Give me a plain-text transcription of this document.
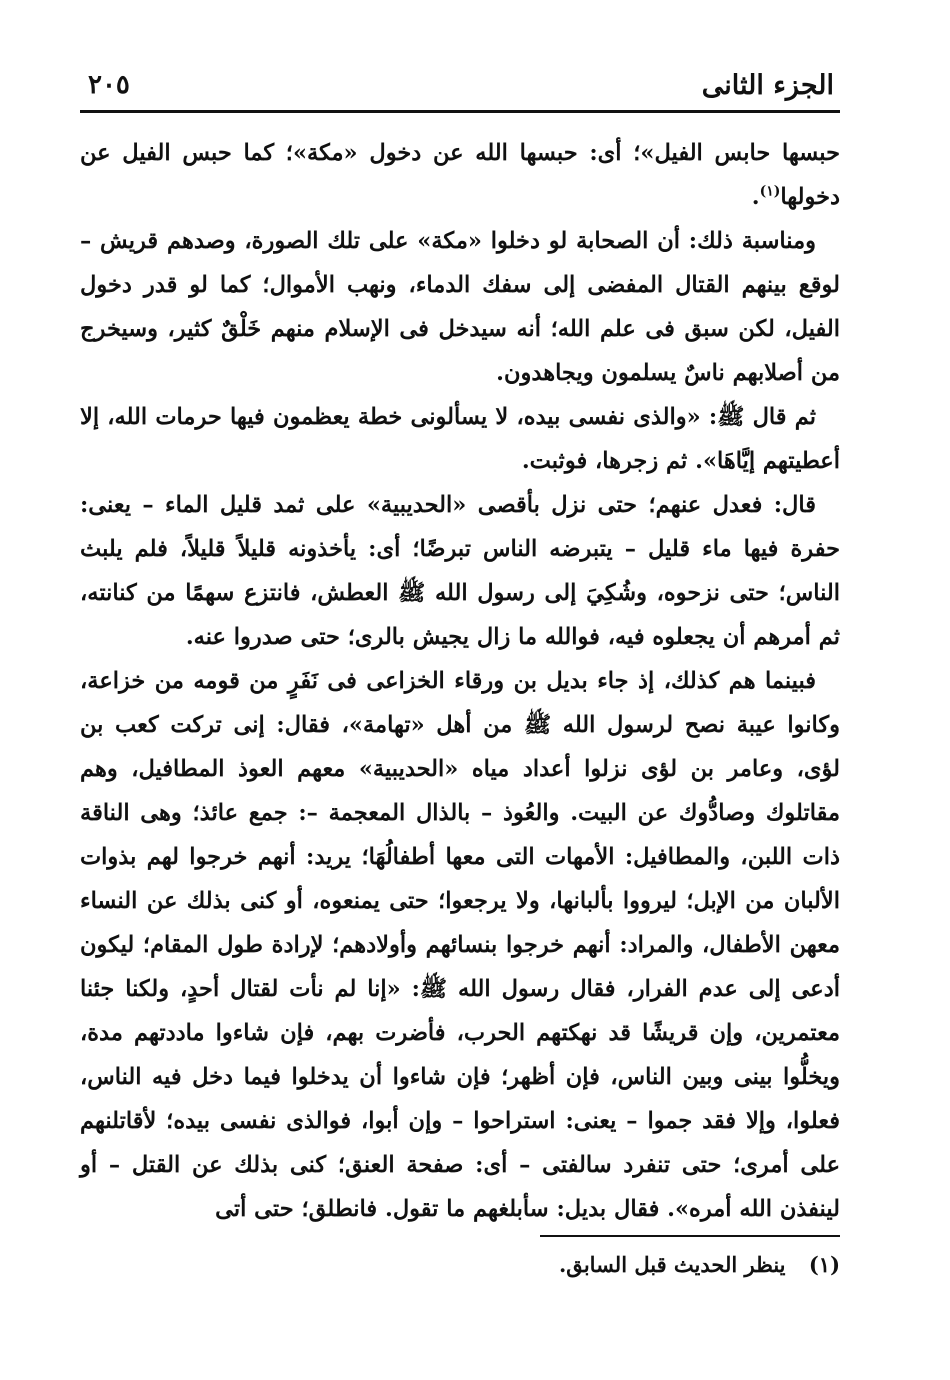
الجزء الثانى
٢٠٥

حبسها حابس الفيل»؛ أى: حبسها الله عن دخول «مكة»؛ كما حبس الفيل عن دخولها$^{(١)}$.

ومناسبة ذلك: أن الصحابة لو دخلوا «مكة» على تلك الصورة، وصدهم قريش – لوقع بينهم القتال المفضى إلى سفك الدماء، ونهب الأموال؛ كما لو قدر دخول الفيل، لكن سبق فى علم الله؛ أنه سيدخل فى الإسلام منهم خَلْقٌ كثير، وسيخرج من أصلابهم ناسٌ يسلمون ويجاهدون.

ثم قال ﷺ: «والذى نفسى بيده، لا يسألونى خطة يعظمون فيها حرمات الله، إلا أعطيتهم إيَّاهَا». ثم زجرها، فوثبت.

قال: فعدل عنهم؛ حتى نزل بأقصى «الحديبية» على ثمد قليل الماء – يعنى: حفرة فيها ماء قليل – يتبرضه الناس تبرضًا؛ أى: يأخذونه قليلاً قليلاً، فلم يلبث الناس؛ حتى نزحوه، وشُكِيَ إلى رسول الله ﷺ العطش، فانتزع سهمًا من كنانته، ثم أمرهم أن يجعلوه فيه، فوالله ما زال يجيش بالرى؛ حتى صدروا عنه.

فبينما هم كذلك، إذ جاء بديل بن ورقاء الخزاعى فى نَفَرٍ من قومه من خزاعة، وكانوا عيبة نصح لرسول الله ﷺ من أهل «تهامة»، فقال: إنى تركت كعب بن لؤى، وعامر بن لؤى نزلوا أعداد مياه «الحديبية» معهم العوذ المطافيل، وهم مقاتلوك وصادُّوك عن البيت. والعُوذ – بالذال المعجمة –: جمع عائذ؛ وهى الناقة ذات اللبن، والمطافيل: الأمهات التى معها أطفالُهَا؛ يريد: أنهم خرجوا لهم بذوات الألبان من الإبل؛ ليرووا بألبانها، ولا يرجعوا؛ حتى يمنعوه، أو كنى بذلك عن النساء معهن الأطفال، والمراد: أنهم خرجوا بنسائهم وأولادهم؛ لإرادة طول المقام؛ ليكون أدعى إلى عدم الفرار، فقال رسول الله ﷺ: «إنا لم نأت لقتال أحدٍ، ولكنا جئنا معتمرين، وإن قريشًا قد نهكتهم الحرب، فأضرت بهم، فإن شاءوا ماددتهم مدة، ويخلُّوا بينى وبين الناس، فإن أظهر؛ فإن شاءوا أن يدخلوا فيما دخل فيه الناس، فعلوا، وإلا فقد جموا – يعنى: استراحوا – وإن أبوا، فوالذى نفسى بيده؛ لأقاتلنهم على أمرى؛ حتى تنفرد سالفتى – أى: صفحة العنق؛ كنى بذلك عن القتل – أو لينفذن الله أمره». فقال بديل: سأبلغهم ما تقول. فانطلق؛ حتى أتى

(١) ينظر الحديث قبل السابق.
